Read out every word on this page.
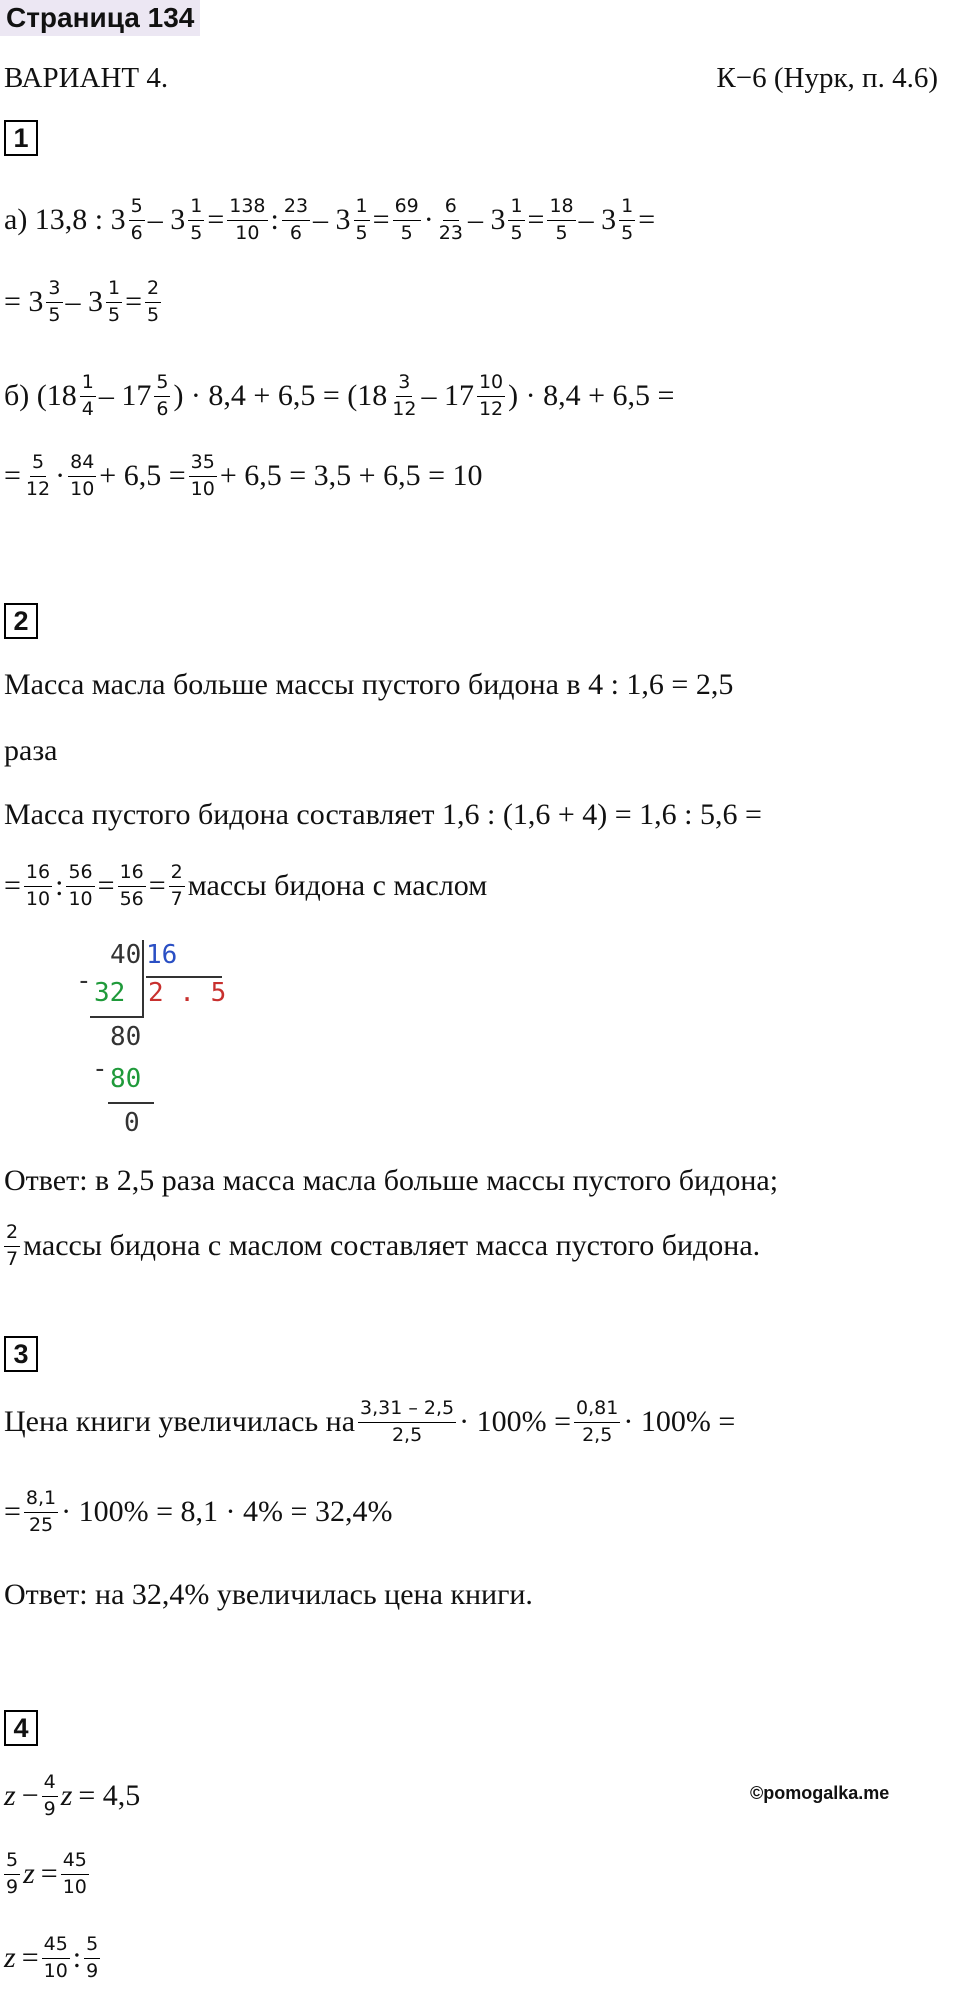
Страница 134
ВАРИАНТ 4.	К−6 (Нурк, п. 4.6)
1
а) 13,8 : $3 \frac{5}{6} - 3 \frac{1}{5} = \frac{138}{10}$ : $\frac{23}{6} - 3 \frac{1}{5} = \frac{69}{5} \cdot \frac{6}{23} - 3 \frac{1}{5} = \frac{18}{5} - 3 \frac{1}{5}$ =
= $3 \frac{3}{5} - 3 \frac{1}{5} = \frac{2}{5}$
б) ($18 \frac{1}{4} - 17 \frac{5}{6}$ ) · $8,4 + 6,5 = (18 \frac{3}{12} - 17 \frac{10}{12}$ ) · 8,4 + 6,5 =
= $\frac{5}{12} \cdot \frac{84}{10} + 6,5 = \frac{35}{10} + 6,5 = 3,5 + 6,5 = 10$
2
Масса масла больше массы пустого бидона в 4 : 1,6 = 2,5
раза
Масса пустого бидона составляет 1,6 : (1,6 + 4) = 1,6 : 5,6 =
= $\frac{16}{10}$ : $\frac{56}{10} = \frac{16}{56} = \frac{2}{7}$ массы бидона с маслом
40 16
- 32 2 . 5
80
- 80
0
Ответ: в 2,5 раза масса масла больше массы пустого бидона;
$\frac{2}{7}$ массы бидона с маслом составляет масса пустого бидона.
3
Цена книги увеличилась на $\frac{3,31 - 2,5}{2,5} \cdot 100\% = \frac{0,81}{2,5} \cdot 100\%$ =
= $\frac{8,1}{25} \cdot 100\% = 8,1 \cdot 4\% = 32,4\%$
Ответ: на 32,4% увеличилась цена книги.
4
$z - \frac{4}{9}$ z = 4,5	©pomogalka.me
$\frac{5}{9}$ $z = \frac{45}{10}$
$z = \frac{45}{10}$ : $\frac{5}{9}$
